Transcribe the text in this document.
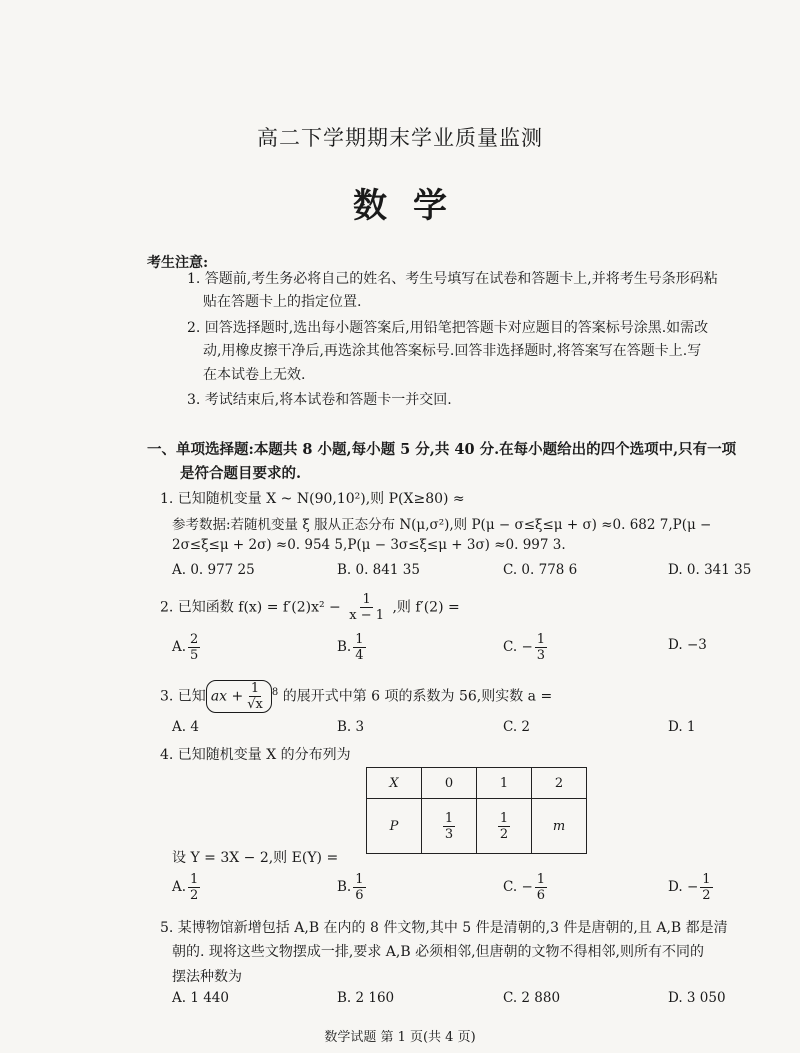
高二下学期期末学业质量监测
数学
考生注意:
1. 答题前,考生务必将自己的姓名、考生号填写在试卷和答题卡上,并将考生号条形码粘
贴在答题卡上的指定位置.
2. 回答选择题时,选出每小题答案后,用铅笔把答题卡对应题目的答案标号涂黑.如需改
动,用橡皮擦干净后,再选涂其他答案标号.回答非选择题时,将答案写在答题卡上.写
在本试卷上无效.
3. 考试结束后,将本试卷和答题卡一并交回.
一、单项选择题:本题共 8 小题,每小题 5 分,共 40 分.在每小题给出的四个选项中,只有一项
是符合题目要求的.
1. 已知随机变量 X ~ N(90,10²),则 P(X≥80) ≈
参考数据:若随机变量 ξ 服从正态分布 N(μ,σ²),则 P(μ − σ≤ξ≤μ + σ) ≈0. 682 7,P(μ −
2σ≤ξ≤μ + 2σ) ≈0. 954 5,P(μ − 3σ≤ξ≤μ + 3σ) ≈0. 997 3.
A. 0. 977 25	B. 0. 841 35	C. 0. 778 6	D. 0. 341 35
2. 已知函数 $f(x) = f'(2)x^2 - \frac{1}{x - 1}$ ,则 f′(2) =
A. $\frac{2}{5}$	B. $\frac{1}{4}$	C. − $\frac{1}{3}$	D. −3
3. 已知 ax + $\frac{1}{√x} ^8$ 的展开式中第 6 项的系数为 56,则实数 a =
A. 4	B. 3	C. 2	D. 1
4. 已知随机变量 X 的分布列为
X	0	1	2
P	$\frac{1}{3}$	$\frac{1}{2}$	m
设 Y = 3X − 2,则 E(Y) =
A. $\frac{1}{2}$	B. $\frac{1}{6}$	C. − $\frac{1}{6}$	D. − $\frac{1}{2}$
5. 某博物馆新增包括 A,B 在内的 8 件文物,其中 5 件是清朝的,3 件是唐朝的,且 A,B 都是清
朝的. 现将这些文物摆成一排,要求 A,B 必须相邻,但唐朝的文物不得相邻,则所有不同的
摆法种数为
A. 1 440	B. 2 160	C. 2 880	D. 3 050
数学试题 第 1 页(共 4 页)
